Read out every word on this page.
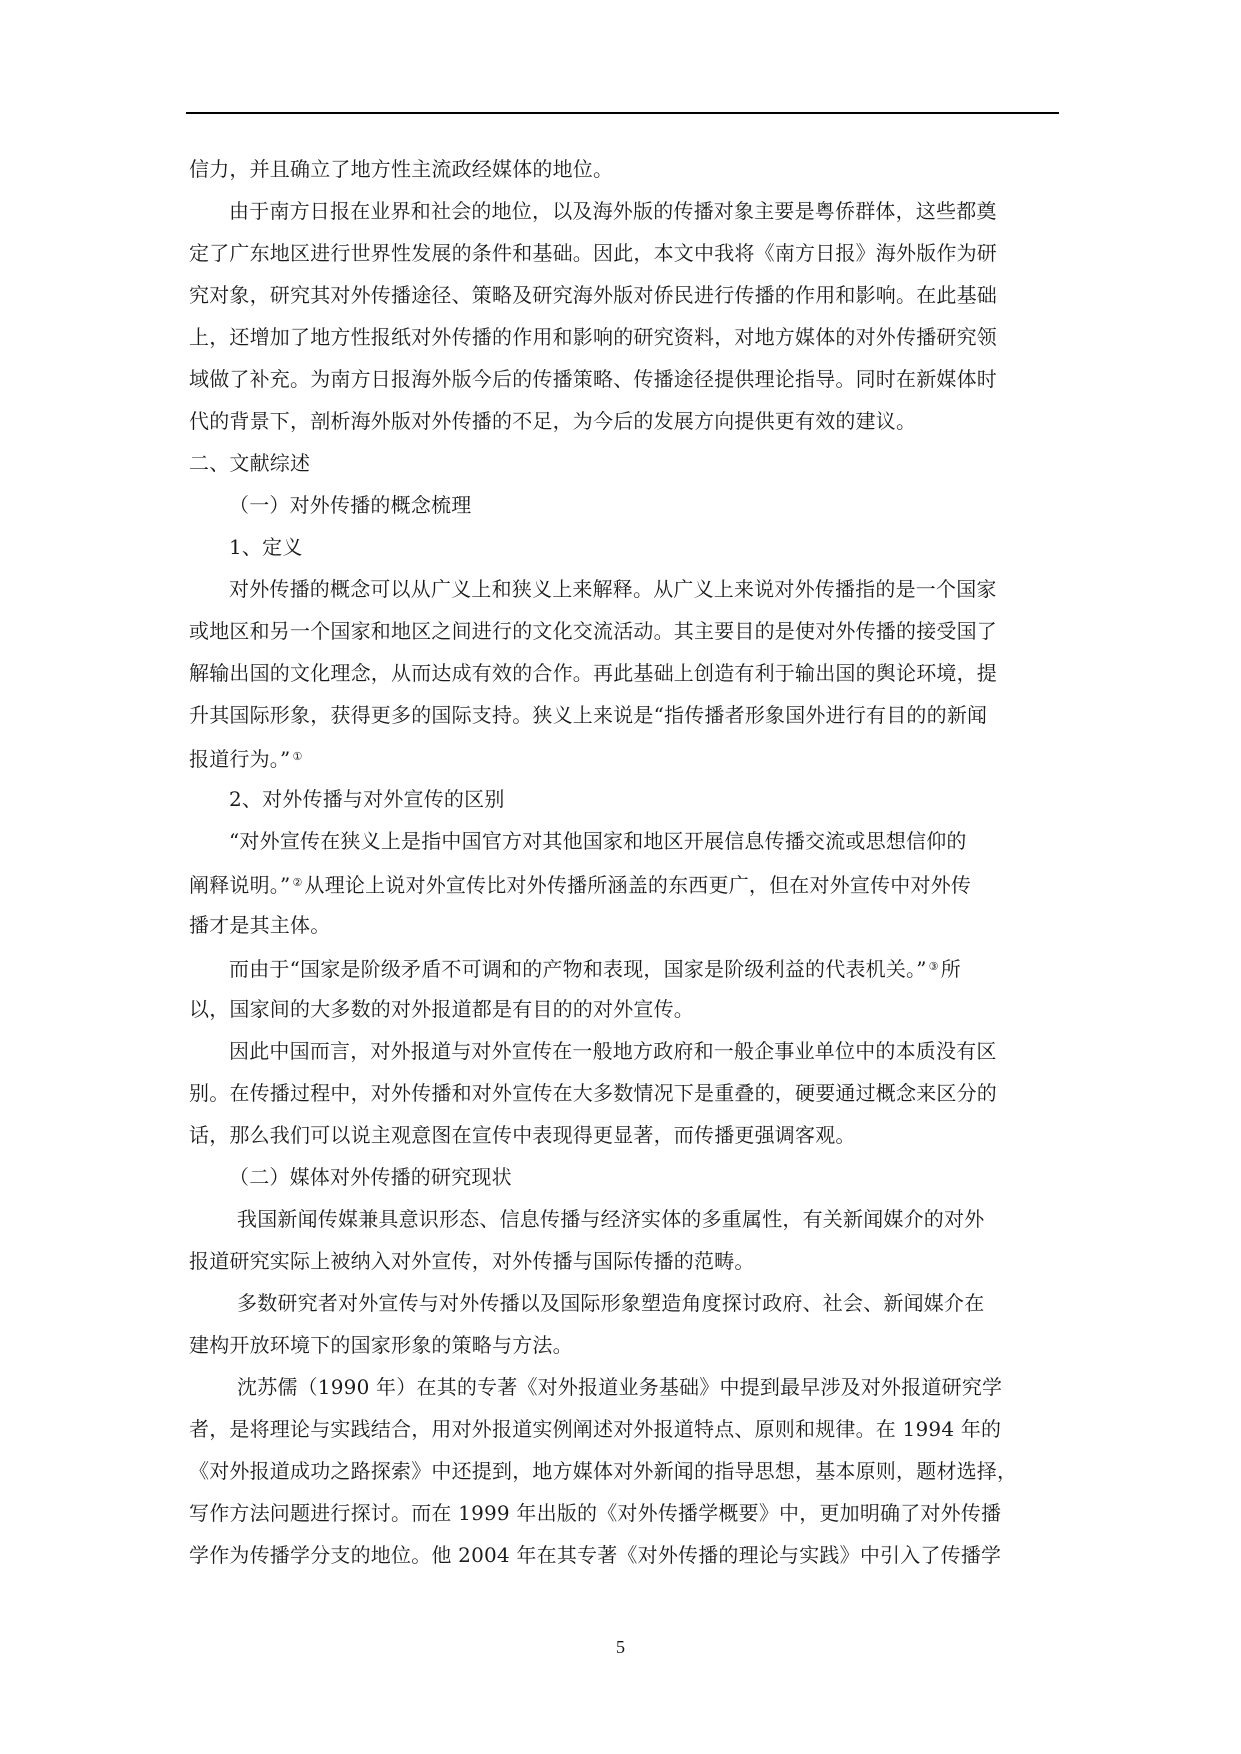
信力，并且确立了地方性主流政经媒体的地位。
由于南方日报在业界和社会的地位，以及海外版的传播对象主要是粤侨群体，这些都奠
定了广东地区进行世界性发展的条件和基础。因此，本文中我将《南方日报》海外版作为研
究对象，研究其对外传播途径、策略及研究海外版对侨民进行传播的作用和影响。在此基础
上，还增加了地方性报纸对外传播的作用和影响的研究资料，对地方媒体的对外传播研究领
域做了补充。为南方日报海外版今后的传播策略、传播途径提供理论指导。同时在新媒体时
代的背景下，剖析海外版对外传播的不足，为今后的发展方向提供更有效的建议。
二、文献综述
（一）对外传播的概念梳理
1、定义
对外传播的概念可以从广义上和狭义上来解释。从广义上来说对外传播指的是一个国家
或地区和另一个国家和地区之间进行的文化交流活动。其主要目的是使对外传播的接受国了
解输出国的文化理念，从而达成有效的合作。再此基础上创造有利于输出国的舆论环境，提
升其国际形象，获得更多的国际支持。狭义上来说是“指传播者形象国外进行有目的的新闻
报道行为。” ①
2、对外传播与对外宣传的区别
“对外宣传在狭义上是指中国官方对其他国家和地区开展信息传播交流或思想信仰的
阐释说明。” ② 从理论上说对外宣传比对外传播所涵盖的东西更广，但在对外宣传中对外传
播才是其主体。
而由于“国家是阶级矛盾不可调和的产物和表现，国家是阶级利益的代表机关。” ③ 所
以，国家间的大多数的对外报道都是有目的的对外宣传。
因此中国而言，对外报道与对外宣传在一般地方政府和一般企事业单位中的本质没有区
别。在传播过程中，对外传播和对外宣传在大多数情况下是重叠的，硬要通过概念来区分的
话，那么我们可以说主观意图在宣传中表现得更显著，而传播更强调客观。
（二）媒体对外传播的研究现状
我国新闻传媒兼具意识形态、信息传播与经济实体的多重属性，有关新闻媒介的对外
报道研究实际上被纳入对外宣传，对外传播与国际传播的范畴。
多数研究者对外宣传与对外传播以及国际形象塑造角度探讨政府、社会、新闻媒介在
建构开放环境下的国家形象的策略与方法。
沈苏儒（1990 年）在其的专著《对外报道业务基础》中提到最早涉及对外报道研究学
者，是将理论与实践结合，用对外报道实例阐述对外报道特点、原则和规律。在 1994 年的
《对外报道成功之路探索》中还提到，地方媒体对外新闻的指导思想，基本原则，题材选择，
写作方法问题进行探讨。而在 1999 年出版的《对外传播学概要》中，更加明确了对外传播
学作为传播学分支的地位。他 2004 年在其专著《对外传播的理论与实践》中引入了传播学
5
